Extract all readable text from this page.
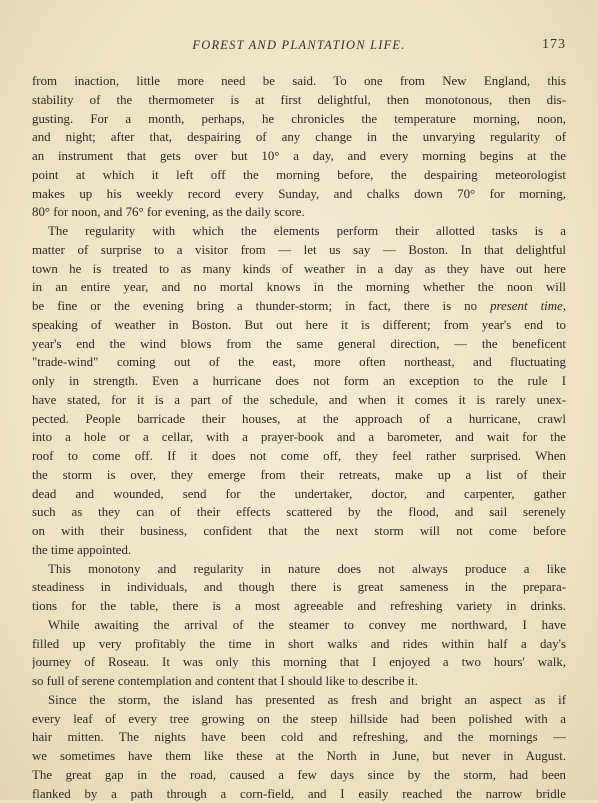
FOREST AND PLANTATION LIFE.	173

from inaction, little more need be said. To one from New England, this
stability of the thermometer is at first delightful, then monotonous, then dis-
gusting. For a month, perhaps, he chronicles the temperature morning, noon,
and night; after that, despairing of any change in the unvarying regularity of
an instrument that gets over but 10° a day, and every morning begins at the
point at which it left off the morning before, the despairing meteorologist
makes up his weekly record every Sunday, and chalks down 70° for morning,
80° for noon, and 76° for evening, as the daily score.

The regularity with which the elements perform their allotted tasks is a
matter of surprise to a visitor from — let us say — Boston. In that delightful
town he is treated to as many kinds of weather in a day as they have out here
in an entire year, and no mortal knows in the morning whether the noon will
be fine or the evening bring a thunder-storm; in fact, there is no present time,
speaking of weather in Boston. But out here it is different; from year's end to
year's end the wind blows from the same general direction, — the beneficent
"trade-wind" coming out of the east, more often northeast, and fluctuating
only in strength. Even a hurricane does not form an exception to the rule I
have stated, for it is a part of the schedule, and when it comes it is rarely unex-
pected. People barricade their houses, at the approach of a hurricane, crawl
into a hole or a cellar, with a prayer-book and a barometer, and wait for the
roof to come off. If it does not come off, they feel rather surprised. When
the storm is over, they emerge from their retreats, make up a list of their
dead and wounded, send for the undertaker, doctor, and carpenter, gather
such as they can of their effects scattered by the flood, and sail serenely
on with their business, confident that the next storm will not come before
the time appointed.

This monotony and regularity in nature does not always produce a like
steadiness in individuals, and though there is great sameness in the prepara-
tions for the table, there is a most agreeable and refreshing variety in drinks.

While awaiting the arrival of the steamer to convey me northward, I have
filled up very profitably the time in short walks and rides within half a day's
journey of Roseau. It was only this morning that I enjoyed a two hours' walk,
so full of serene contemplation and content that I should like to describe it.

Since the storm, the island has presented as fresh and bright an aspect as if
every leaf of every tree growing on the steep hillside had been polished with a
hair mitten. The nights have been cold and refreshing, and the mornings —
we sometimes have them like these at the North in June, but never in August.
The great gap in the road, caused a few days since by the storm, had been
flanked by a path through a corn-field, and I easily reached the narrow bridle
